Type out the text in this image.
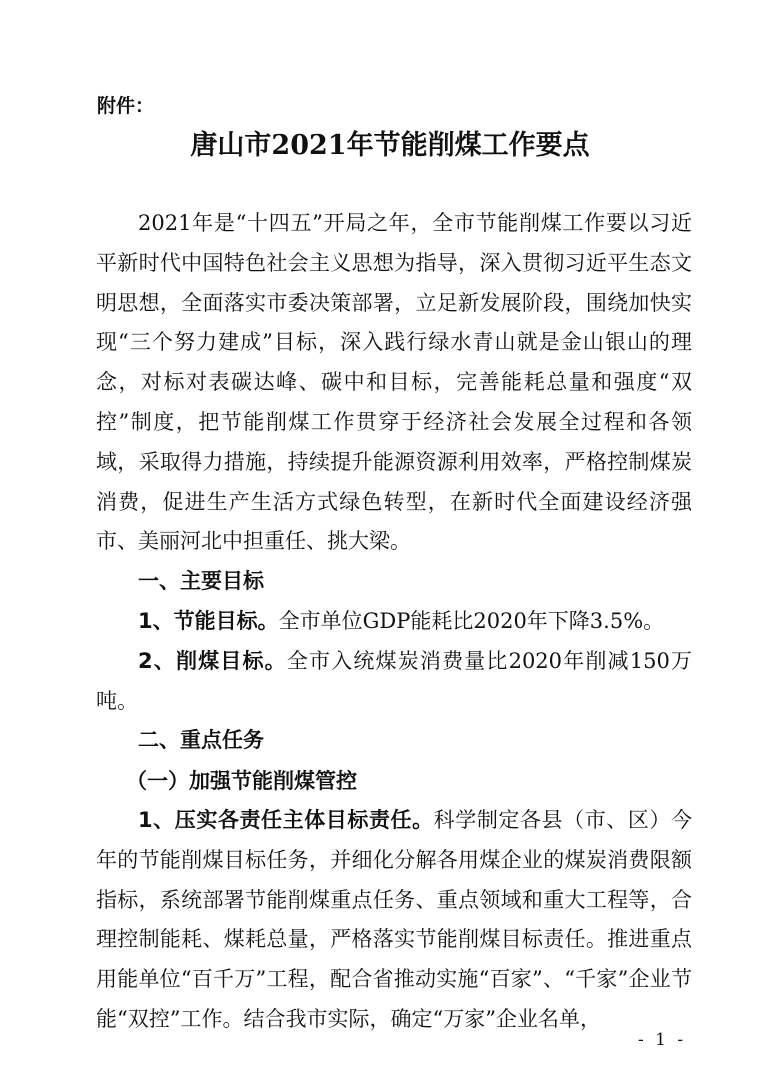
附件：
唐山市2021年节能削煤工作要点

2021年是“十四五”开局之年，全市节能削煤工作要以习近平新时代中国特色社会主义思想为指导，深入贯彻习近平生态文明思想，全面落实市委决策部署，立足新发展阶段，围绕加快实现“三个努力建成”目标，深入践行绿水青山就是金山银山的理念，对标对表碳达峰、碳中和目标，完善能耗总量和强度“双控”制度，把节能削煤工作贯穿于经济社会发展全过程和各领域，采取得力措施，持续提升能源资源利用效率，严格控制煤炭消费，促进生产生活方式绿色转型，在新时代全面建设经济强市、美丽河北中担重任、挑大梁。

一、主要目标

1、节能目标。全市单位GDP能耗比2020年下降3.5%。

2、削煤目标。全市入统煤炭消费量比2020年削减150万吨。

二、重点任务

（一）加强节能削煤管控

1、压实各责任主体目标责任。科学制定各县（市、区）今年的节能削煤目标任务，并细化分解各用煤企业的煤炭消费限额指标，系统部署节能削煤重点任务、重点领域和重大工程等，合理控制能耗、煤耗总量，严格落实节能削煤目标责任。推进重点用能单位“百千万”工程，配合省推动实施“百家”、“千家”企业节能“双控”工作。结合我市实际，确定“万家”企业名单，

- 1 -
